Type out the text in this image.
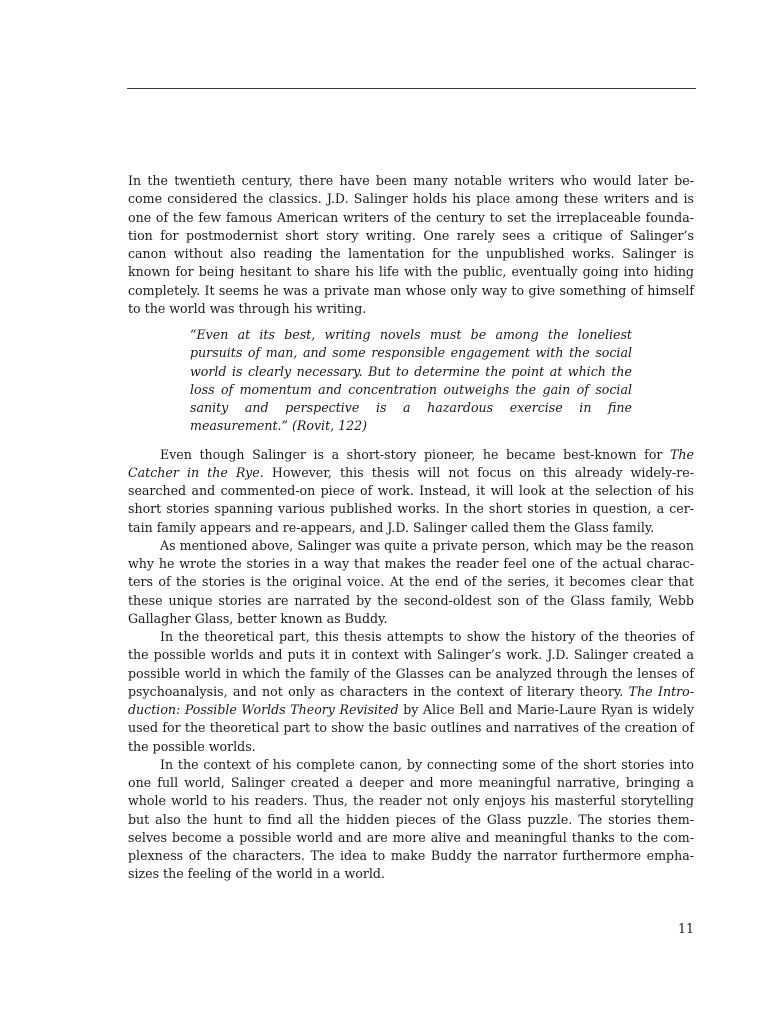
In the twentieth century, there have been many notable writers who would later become considered the classics. J.D. Salinger holds his place among these writers and is one of the few famous American writers of the century to set the irreplaceable foundation for postmodernist short story writing. One rarely sees a critique of Salinger’s canon without also reading the lamentation for the unpublished works. Salinger is known for being hesitant to share his life with the public, eventually going into hiding completely. It seems he was a private man whose only way to give something of himself to the world was through his writing.

“Even at its best, writing novels must be among the loneliest pursuits of man, and some responsible engagement with the social world is clearly necessary. But to determine the point at which the loss of momentum and concentration outweighs the gain of social sanity and perspective is a hazardous exercise in fine measurement.” (Rovit, 122)

Even though Salinger is a short-story pioneer, he became best-known for The Catcher in the Rye. However, this thesis will not focus on this already widely-researched and commented-on piece of work. Instead, it will look at the selection of his short stories spanning various published works. In the short stories in question, a certain family appears and re-appears, and J.D. Salinger called them the Glass family.

As mentioned above, Salinger was quite a private person, which may be the reason why he wrote the stories in a way that makes the reader feel one of the actual characters of the stories is the original voice. At the end of the series, it becomes clear that these unique stories are narrated by the second-oldest son of the Glass family, Webb Gallagher Glass, better known as Buddy.

In the theoretical part, this thesis attempts to show the history of the theories of the possible worlds and puts it in context with Salinger’s work. J.D. Salinger created a possible world in which the family of the Glasses can be analyzed through the lenses of psychoanalysis, and not only as characters in the context of literary theory. The Introduction: Possible Worlds Theory Revisited by Alice Bell and Marie-Laure Ryan is widely used for the theoretical part to show the basic outlines and narratives of the creation of the possible worlds.

In the context of his complete canon, by connecting some of the short stories into one full world, Salinger created a deeper and more meaningful narrative, bringing a whole world to his readers. Thus, the reader not only enjoys his masterful storytelling but also the hunt to find all the hidden pieces of the Glass puzzle. The stories themselves become a possible world and are more alive and meaningful thanks to the complexness of the characters. The idea to make Buddy the narrator furthermore emphasizes the feeling of the world in a world.

11
